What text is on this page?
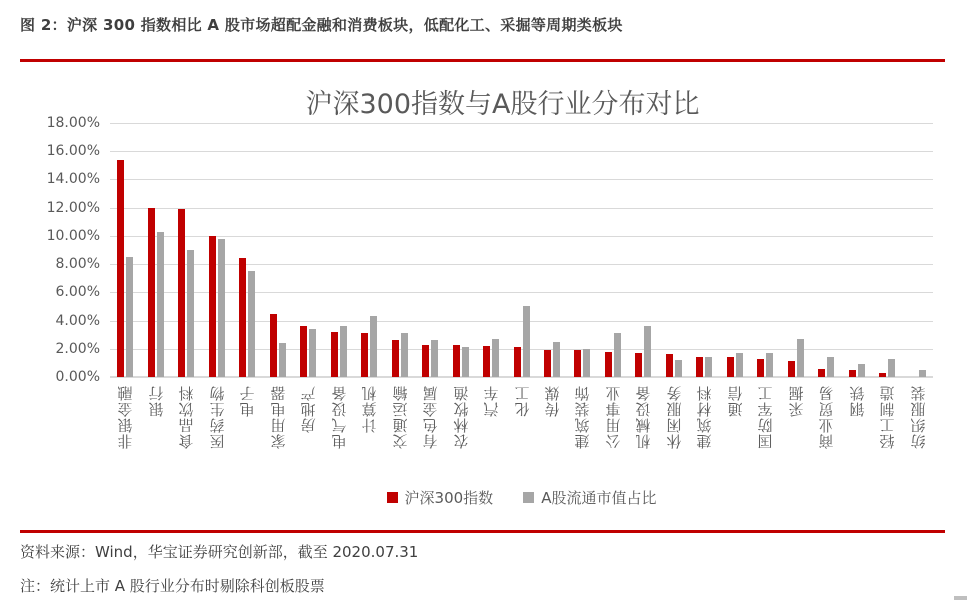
图 2：沪深 300 指数相比 A 股市场超配金融和消费板块，低配化工、采掘等周期类板块
沪深300指数与A股行业分布对比
0.00%
2.00%
4.00%
6.00%
8.00%
10.00%
12.00%
14.00%
16.00%
18.00%
非银金融 银行 食品饮料 医药生物 电子 家用电器 房地产 电气设备 计算机 交通运输 有色金属 农林牧渔 汽车 化工 传媒 建筑装饰 公用事业 机械设备 休闲服务 建筑材料 通信 国防军工 采掘 商业贸易 钢铁 轻工制造 纺织服装
沪深300指数	A股流通市值占比
资料来源：Wind，华宝证券研究创新部，截至 2020.07.31
注：统计上市 A 股行业分布时剔除科创板股票
